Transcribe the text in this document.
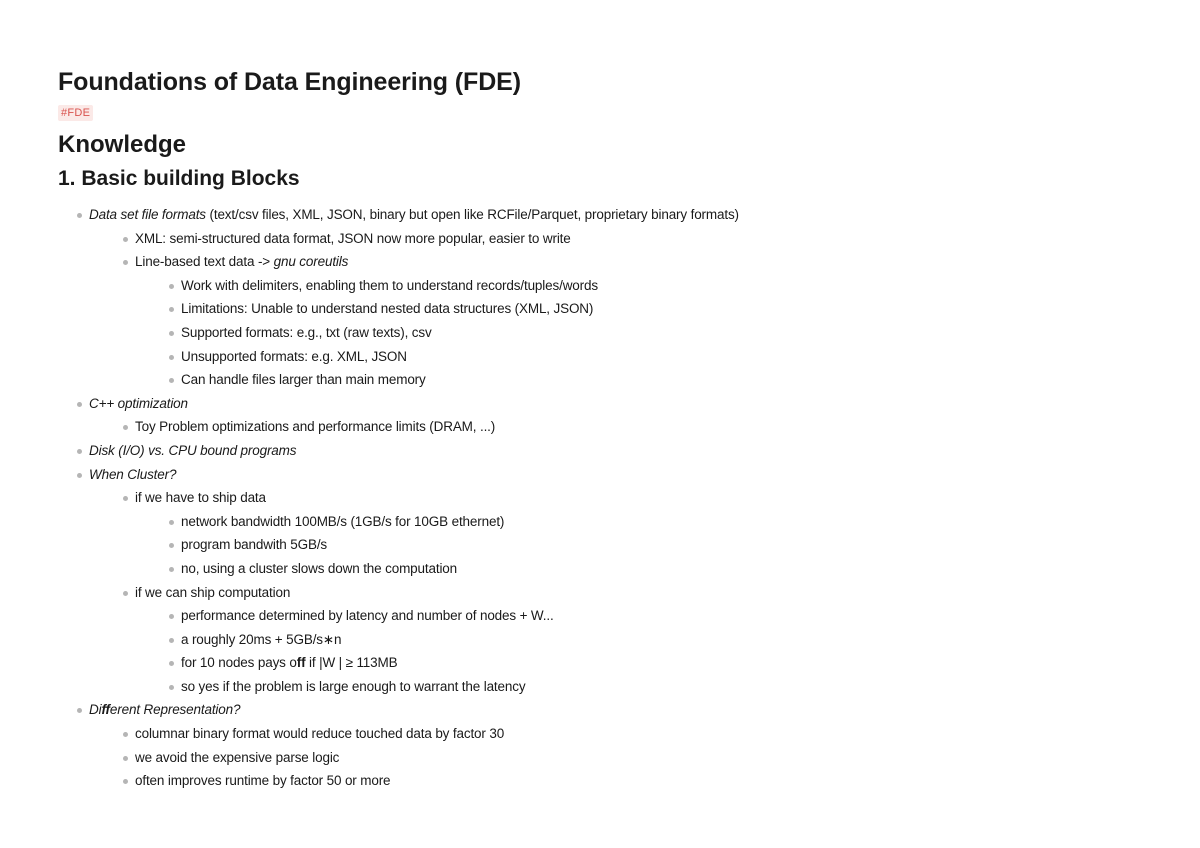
Foundations of Data Engineering (FDE)
#FDE
Knowledge
1. Basic building Blocks
Data set file formats (text/csv files, XML, JSON, binary but open like RCFile/Parquet, proprietary binary formats)
XML: semi-structured data format, JSON now more popular, easier to write
Line-based text data -> gnu coreutils
Work with delimiters, enabling them to understand records/tuples/words
Limitations: Unable to understand nested data structures (XML, JSON)
Supported formats: e.g., txt (raw texts), csv
Unsupported formats: e.g. XML, JSON
Can handle files larger than main memory
C++ optimization
Toy Problem optimizations and performance limits (DRAM, ...)
Disk (I/O) vs. CPU bound programs
When Cluster?
if we have to ship data
network bandwidth 100MB/s (1GB/s for 10GB ethernet)
program bandwith 5GB/s
no, using a cluster slows down the computation
if we can ship computation
performance determined by latency and number of nodes + W...
a roughly 20ms + 5GB/s∗n
for 10 nodes pays off if |W | ≥ 113MB
so yes if the problem is large enough to warrant the latency
Different Representation?
columnar binary format would reduce touched data by factor 30
we avoid the expensive parse logic
often improves runtime by factor 50 or more
